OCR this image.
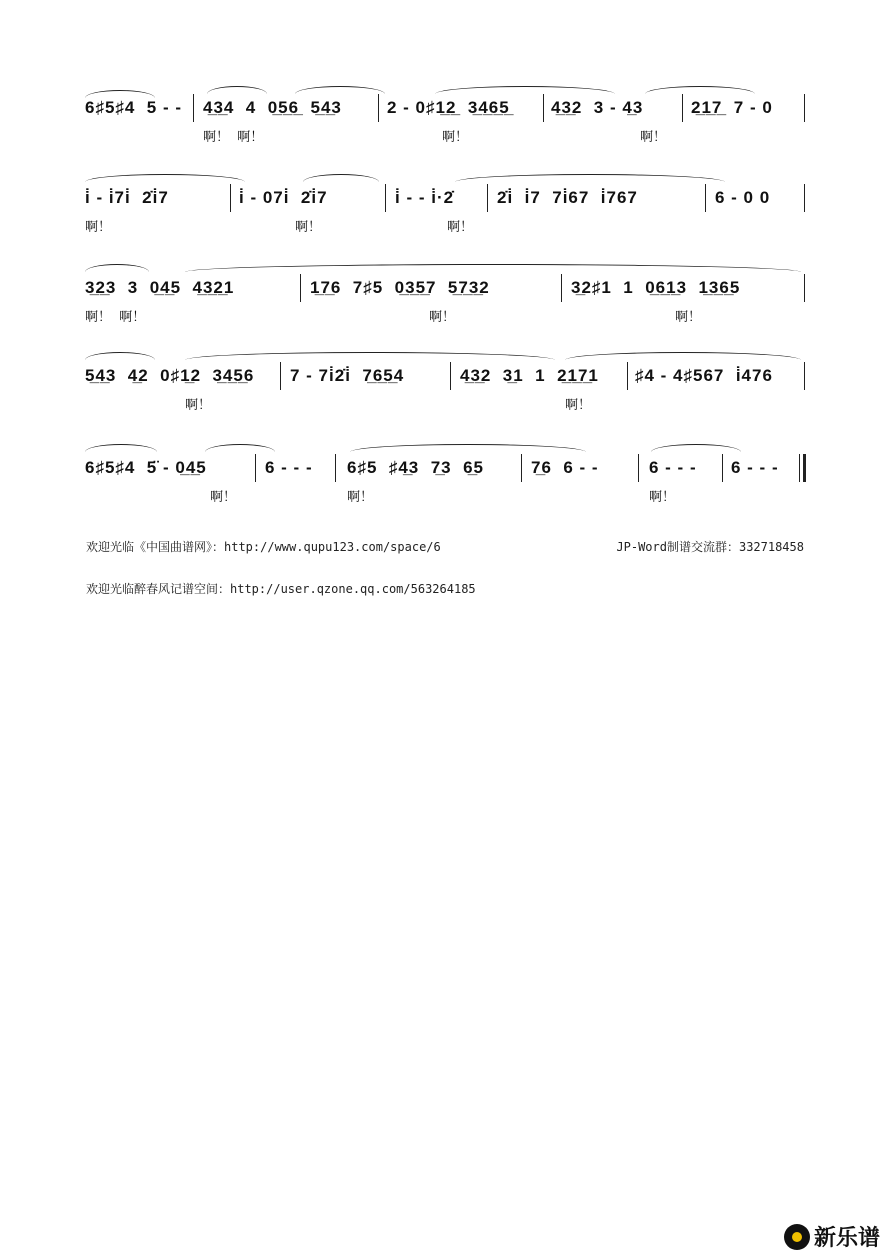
6♯5♯4  5 - - 4̲3̲4  4  0̲5̲6̲  5̲4̲3	2 - 0♯1̲2̲  3̲4̲6̲5̲ 4̲3̲2  3 - 4̲3	2̲1̲7̲  7 - 0
啊！  啊！	啊！	啊！
i̇ - i̇7i̇  2̇i̇7	i̇ - 07i̇  2̇i̇7	i̇ - - i̇·2̇	2̇i̇  i̇7  7i̇67  i̇767	6 - 0 0
啊！	啊！	啊！
3̲2̲3  3  0̲4̲5  4̲3̲2̲1	1̲7̲6  7♯5  0̲3̲5̲7  5̲7̲3̲2	3̲2♯1  1  0̲6̲1̲3  1̲3̲6̲5
啊！  啊！	啊！	啊！
5̲4̲3  4̲2  0♯1̲2  3̲4̲5̲6 7 - 7i̇2̇i̇  7̲6̲5̲4	4̲3̲2  3̲1  1  2̲1̲7̲1 ♯4 - 4♯567  i̇476
啊！	啊！
6♯5♯4  5̈ - 0̲4̲5	6 - - - 6♯5  ♯4̲3  7̲3  6̲5	7̲6  6 - -	6 - - - 6 - - -
啊！	啊！	啊！
欢迎光临《中国曲谱网》：http://www.qupu123.com/space/6	JP-Word制谱交流群：332718458
欢迎光临醉春风记谱空间：http://user.qzone.qq.com/563264185
新乐谱
